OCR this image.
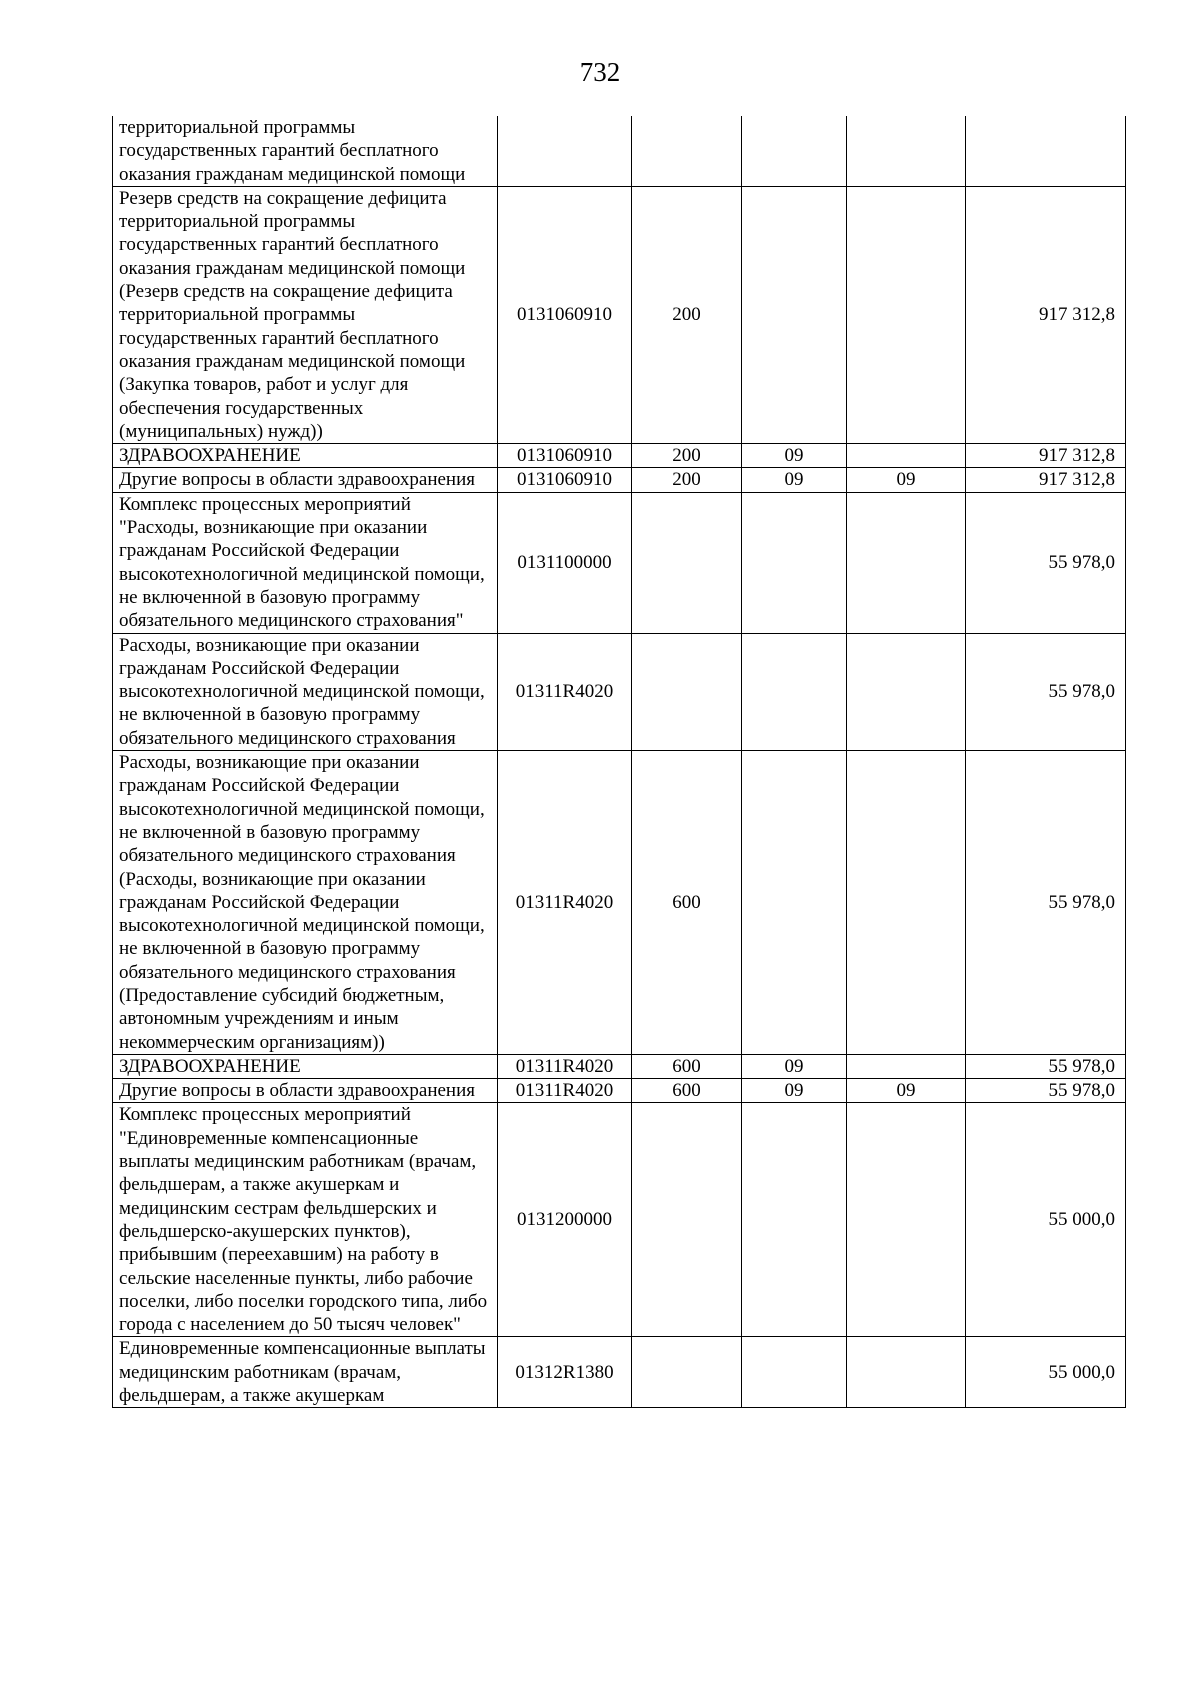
732
территориальной программы государственных гарантий бесплатного оказания гражданам медицинской помощи					
Резерв средств на сокращение дефицита территориальной программы государственных гарантий бесплатного оказания гражданам медицинской помощи (Резерв средств на сокращение дефицита территориальной программы государственных гарантий бесплатного оказания гражданам медицинской помощи (Закупка товаров, работ и услуг для обеспечения государственных (муниципальных) нужд))	0131060910	200			917 312,8
ЗДРАВООХРАНЕНИЕ	0131060910	200	09		917 312,8
Другие вопросы в области здравоохранения	0131060910	200	09	09	917 312,8
Комплекс процессных мероприятий "Расходы, возникающие при оказании гражданам Российской Федерации высокотехнологичной медицинской помощи, не включенной в базовую программу обязательного медицинского страхования"	0131100000				55 978,0
Расходы, возникающие при оказании гражданам Российской Федерации высокотехнологичной медицинской помощи, не включенной в базовую программу обязательного медицинского страхования	01311R4020				55 978,0
Расходы, возникающие при оказании гражданам Российской Федерации высокотехнологичной медицинской помощи, не включенной в базовую программу обязательного медицинского страхования (Расходы, возникающие при оказании гражданам Российской Федерации высокотехнологичной медицинской помощи, не включенной в базовую программу обязательного медицинского страхования (Предоставление субсидий бюджетным, автономным учреждениям и иным некоммерческим организациям))	01311R4020	600			55 978,0
ЗДРАВООХРАНЕНИЕ	01311R4020	600	09		55 978,0
Другие вопросы в области здравоохранения	01311R4020	600	09	09	55 978,0
Комплекс процессных мероприятий "Единовременные компенсационные выплаты медицинским работникам (врачам, фельдшерам, а также акушеркам и медицинским сестрам фельдшерских и фельдшерско-акушерских пунктов), прибывшим (переехавшим) на работу в сельские населенные пункты, либо рабочие поселки, либо поселки городского типа, либо города с населением до 50 тысяч человек"	0131200000				55 000,0
Единовременные компенсационные выплаты медицинским работникам (врачам, фельдшерам, а также акушеркам	01312R1380				55 000,0
